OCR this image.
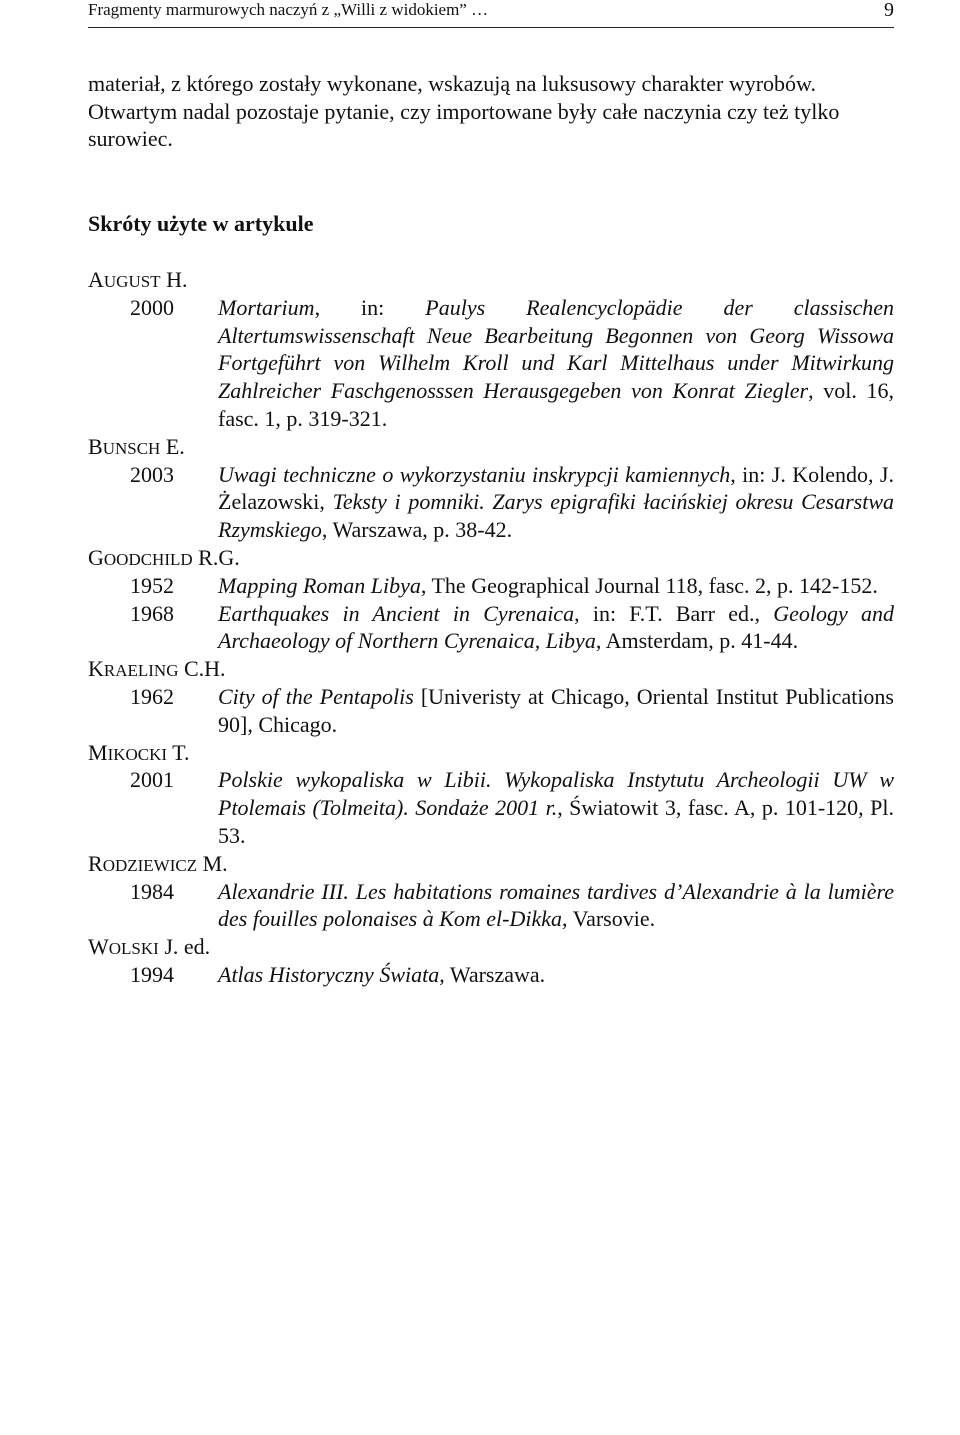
Fragmenty marmurowych naczyń z „Willi z widokiem” …	9

materiał, z którego zostały wykonane, wskazują na luksusowy charakter wyrobów. Otwartym nadal pozostaje pytanie, czy importowane były całe naczynia czy też tylko surowiec.

Skróty użyte w artykule
AUGUST H.
2000	Mortarium, in: Paulys Realencyclopädie der classischen Altertumswissenschaft Neue Bearbeitung Begonnen von Georg Wissowa Fortgeführt von Wilhelm Kroll und Karl Mittelhaus under Mitwirkung Zahlreicher Faschgenosssen Herausgegeben von Konrat Ziegler, vol. 16, fasc. 1, p. 319-321.
BUNSCH E.
2003	Uwagi techniczne o wykorzystaniu inskrypcji kamiennych, in: J. Kolendo, J. Żelazowski, Teksty i pomniki. Zarys epigrafiki łacińskiej okresu Cesarstwa Rzymskiego, Warszawa, p. 38-42.
GOODCHILD R.G.
1952	Mapping Roman Libya, The Geographical Journal 118, fasc. 2, p. 142-152.
1968	Earthquakes in Ancient in Cyrenaica, in: F.T. Barr ed., Geology and Archaeology of Northern Cyrenaica, Libya, Amsterdam, p. 41-44.
KRAELING C.H.
1962	City of the Pentapolis [Univeristy at Chicago, Oriental Institut Publications 90], Chicago.
MIKOCKI T.
2001	Polskie wykopaliska w Libii. Wykopaliska Instytutu Archeologii UW w Ptolemais (Tolmeita). Sondaże 2001 r., Światowit 3, fasc. A, p. 101-120, Pl. 53.
RODZIEWICZ M.
1984	Alexandrie III. Les habitations romaines tardives d’Alexandrie à la lumière des fouilles polonaises à Kom el-Dikka, Varsovie.
WOLSKI J. ed.
1994	Atlas Historyczny Świata, Warszawa.
